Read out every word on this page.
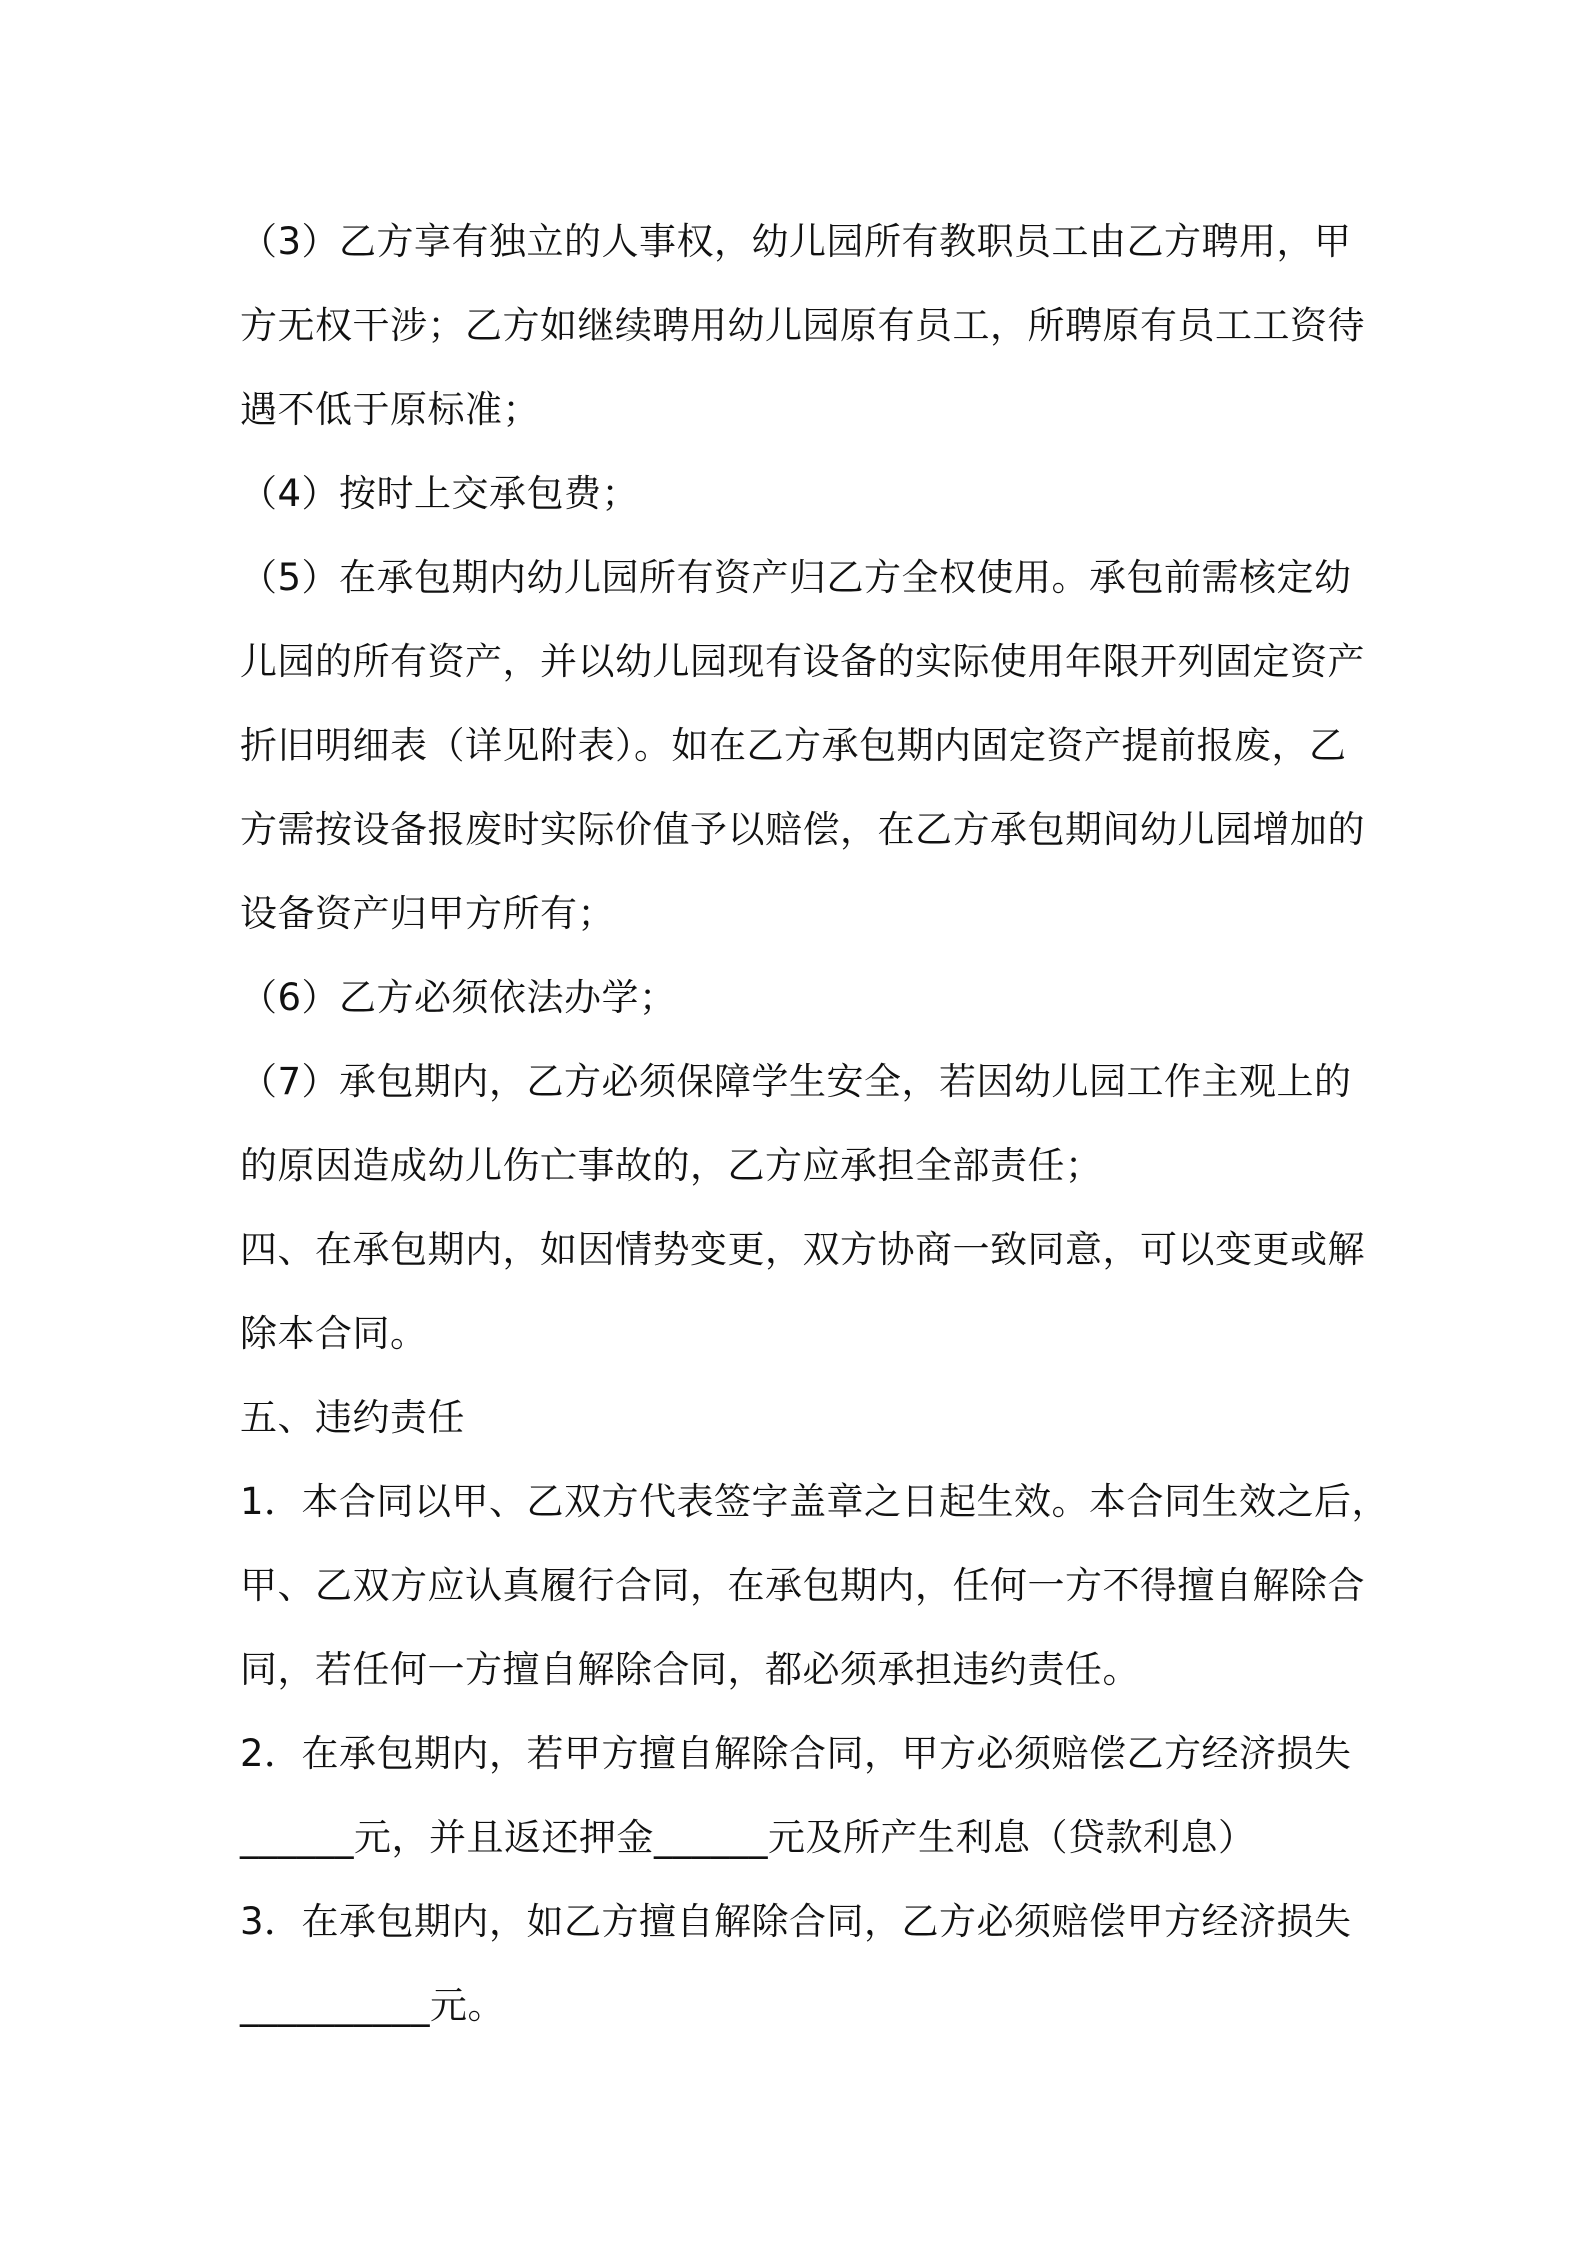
（3）乙方享有独立的人事权，幼儿园所有教职员工由乙方聘用，甲
方无权干涉；乙方如继续聘用幼儿园原有员工，所聘原有员工工资待
遇不低于原标准；
（4）按时上交承包费；
（5）在承包期内幼儿园所有资产归乙方全权使用。承包前需核定幼
儿园的所有资产，并以幼儿园现有设备的实际使用年限开列固定资产
折旧明细表（详见附表）。如在乙方承包期内固定资产提前报废，乙
方需按设备报废时实际价值予以赔偿，在乙方承包期间幼儿园增加的
设备资产归甲方所有；
（6）乙方必须依法办学；
（7）承包期内，乙方必须保障学生安全，若因幼儿园工作主观上的
的原因造成幼儿伤亡事故的，乙方应承担全部责任；
四、在承包期内，如因情势变更，双方协商一致同意，可以变更或解
除本合同。
五、违约责任
1．本合同以甲、乙双方代表签字盖章之日起生效。本合同生效之后，
甲、乙双方应认真履行合同，在承包期内，任何一方不得擅自解除合
同，若任何一方擅自解除合同，都必须承担违约责任。
2．在承包期内，若甲方擅自解除合同，甲方必须赔偿乙方经济损失
______元，并且返还押金______元及所产生利息（贷款利息）
3．在承包期内，如乙方擅自解除合同，乙方必须赔偿甲方经济损失
__________元。
